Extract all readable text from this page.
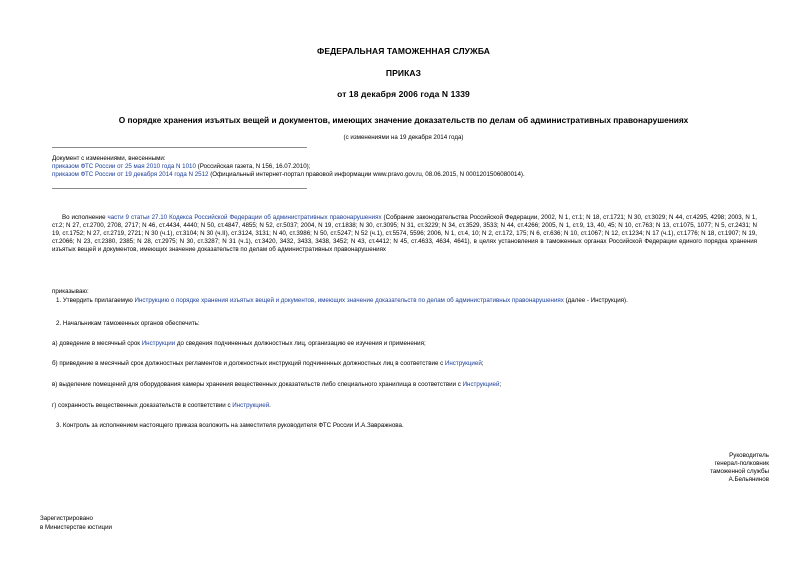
ФЕДЕРАЛЬНАЯ ТАМОЖЕННАЯ СЛУЖБА
ПРИКАЗ
от 18 декабря 2006 года N 1339
О порядке хранения изъятых вещей и документов, имеющих значение доказательств по делам об административных правонарушениях
(с изменениями на 19 декабря 2014 года)
Документ с изменениями, внесенными:
приказом ФТС России от 25 мая 2010 года N 1010 (Российская газета, N 156, 16.07.2010);
приказом ФТС России от 19 декабря 2014 года N 2512 (Официальный интернет-портал правовой информации www.pravo.gov.ru, 08.06.2015, N 0001201506080014).
Во исполнение части 9 статьи 27.10 Кодекса Российской Федерации об административных правонарушениях (Собрание законодательства Российской Федерации, 2002, N 1, ст.1; N 18, ст.1721; N 30, ст.3029; N 44, ст.4295, 4298; 2003, N 1, ст.2; N 27, ст.2700, 2708, 2717; N 46, ст.4434, 4440; N 50, ст.4847, 4855; N 52, ст.5037; 2004, N 19, ст.1838; N 30, ст.3095; N 31, ст.3229; N 34, ст.3529, 3533; N 44, ст.4266; 2005, N 1, ст.9, 13, 40, 45; N 10, ст.763; N 13, ст.1075, 1077; N 5, ст.2431; N 19, ст.1752; N 27, ст.2719, 2721; N 30 (ч.1), ст.3104; N 30 (ч.II), ст.3124, 3131; N 40, ст.3986; N 50, ст.5247; N 52 (ч.1), ст.5574, 5596; 2006, N 1, ст.4, 10; N 2, ст.172, 175; N 6, ст.636; N 10, ст.1067; N 12, ст.1234; N 17 (ч.1), ст.1776; N 18, ст.1907; N 19, ст.2066; N 23, ст.2380, 2385; N 28, ст.2975; N 30, ст.3287; N 31 (ч.1), ст.3420, 3432, 3433, 3438, 3452; N 43, ст.4412; N 45, ст.4633, 4634, 4641), в целях установления в таможенных органах Российской Федерации единого порядка хранения изъятых вещей и документов, имеющих значение доказательств по делам об административных правонарушениях
приказываю:
1. Утвердить прилагаемую Инструкцию о порядке хранения изъятых вещей и документов, имеющих значение доказательств по делам об административных правонарушениях (далее - Инструкция).
2. Начальникам таможенных органов обеспечить:
а) доведение в месячный срок Инструкции до сведения подчиненных должностных лиц, организацию ее изучения и применения;
б) приведение в месячный срок должностных регламентов и должностных инструкций подчиненных должностных лиц в соответствие с Инструкцией;
в) выделение помещений для оборудования камеры хранения вещественных доказательств либо специального хранилища в соответствии с Инструкцией;
г) сохранность вещественных доказательств в соответствии с Инструкцией.
3. Контроль за исполнением настоящего приказа возложить на заместителя руководителя ФТС России И.А.Завражнова.
Руководитель
генерал-полковник
таможенной службы
А.Бельянинов
Зарегистрировано
в Министерстве юстиции
